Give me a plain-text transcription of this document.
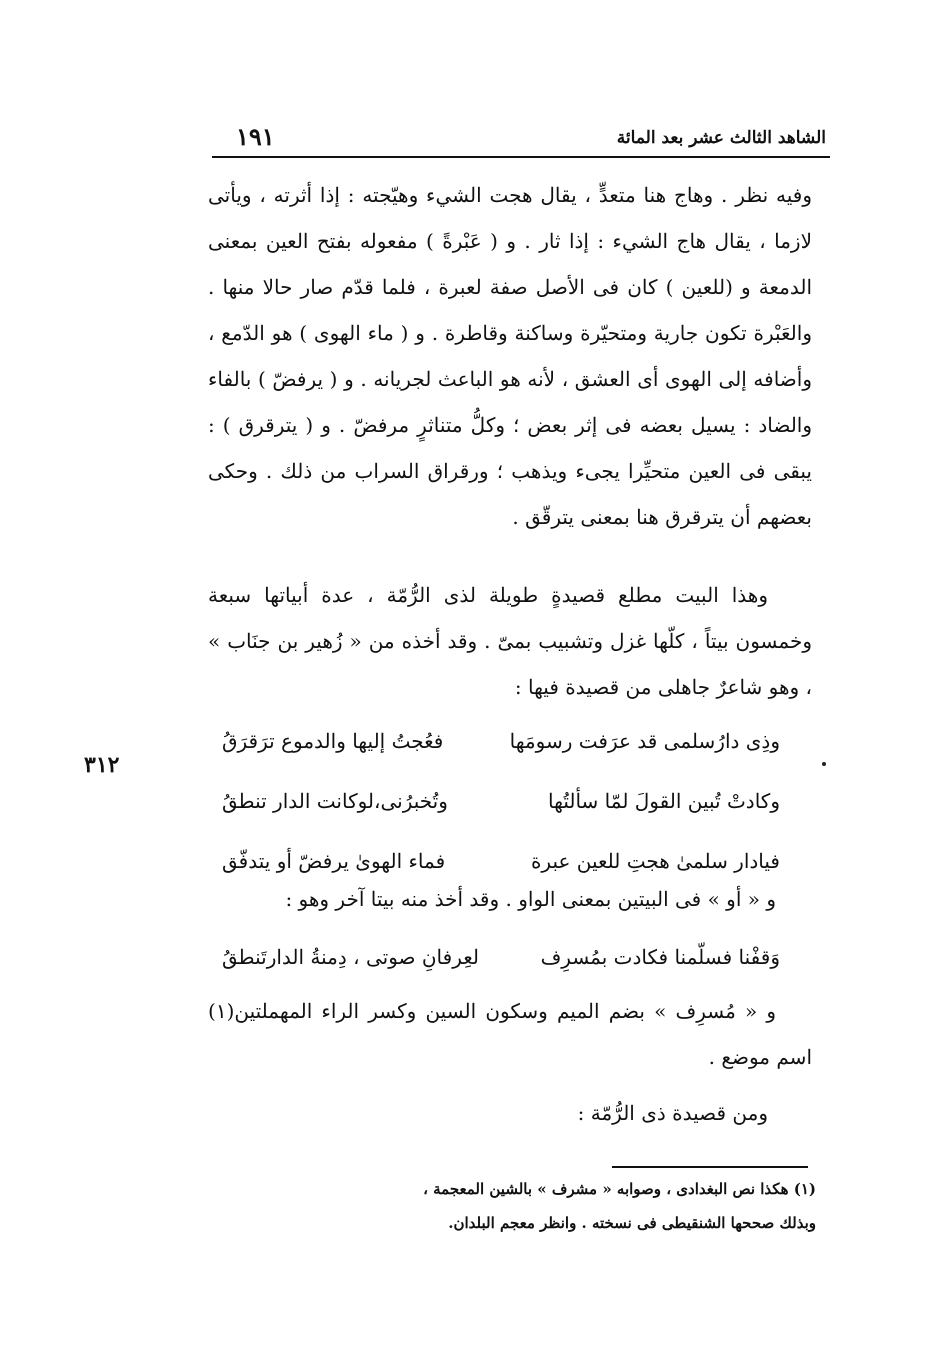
الشاهد الثالث عشر بعد المائة
١٩١

وفيه نظر . وهاج هنا متعدٍّ ، يقال هجت الشيء وهيّجته : إذا أثرته ، ويأتى لازما ، يقال هاج الشيء : إذا ثار . و ( عَبْرةً ) مفعوله بفتح العين بمعنى الدمعة و (للعين ) كان فى الأصل صفة لعبرة ، فلما قدّم صار حالا منها . والعَبْرة تكون جارية ومتحيّرة وساكنة وقاطرة . و ( ماء الهوى ) هو الدّمع ، وأضافه إلى الهوى أى العشق ، لأنه هو الباعث لجريانه . و ( يرفضّ ) بالفاء والضاد : يسيل بعضه فى إثر بعض ؛ وكلُّ متناثرٍ مرفضّ . و ( يترقرق ) : يبقى فى العين متحيِّرا يجىء ويذهب ؛ ورقراق السراب من ذلك . وحكى بعضهم أن يترقرق هنا بمعنى يترقّق .

وهذا البيت مطلع قصيدةٍ طويلة لذى الرُّمّة ، عدة أبياتها سبعة وخمسون بيتاً ، كلّها غزل وتشبيب بمىّ . وقد أخذه من « زُهير بن جنَاب » ، وهو شاعرٌ جاهلى من قصيدة فيها :
وذِى دارُسلمى قد عرَفت رسومَها
فعُجتُ إليها والدموع ترَقرَقُ
وكادتْ تُبين القولَ لمّا سألتُها
وتُخبرُنى،لوكانت الدار تنطقُ
فيادار سلمىٰ هجتِ للعين عبرة
فماء الهوىٰ يرفضّ أو يتدفّق
و « أو » فى البيتين بمعنى الواو . وقد أخذ منه بيتا آخر وهو :
وَقفْنا فسلّمنا فكادت بمُسرِف
لعِرفانِ صوتى ، دِمنةُ الدارتَنطقُ
و « مُسرِف » بضم الميم وسكون السين وكسر الراء المهملتين(١) اسم موضع .
ومن قصيدة ذى الرُّمّة :
٣١٢

(١) هكذا نص البغدادى ، وصوابه « مشرف » بالشين المعجمة ،

وبذلك صححها الشنقيطى فى نسخته . وانظر معجم البلدان.
